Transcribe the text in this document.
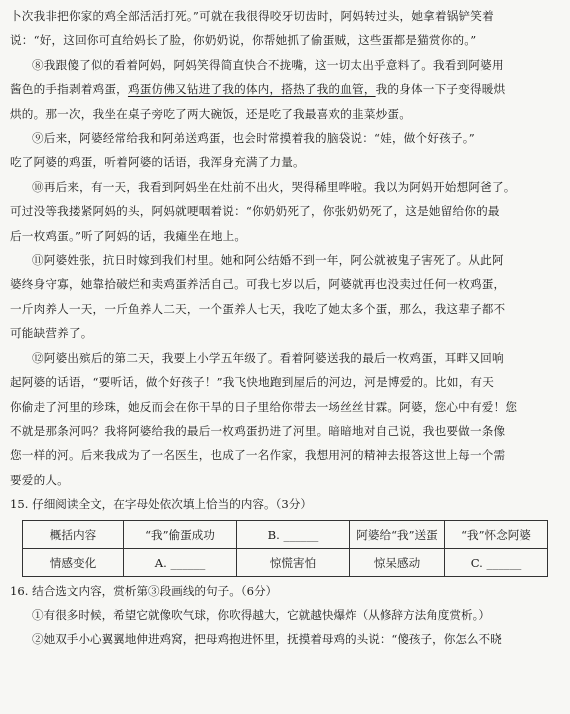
卜次我非把你家的鸡全部活活打死。”可就在我很得咬牙切齿时，阿妈转过头，她拿着锅铲笑着
说：“好，这回你可直给妈长了脸，你奶奶说，你帮她抓了偷蛋贼，这些蛋都是猫赏你的。”
⑧我跟傻了似的看着阿妈，阿妈笑得简直快合不拢嘴，这一切太出乎意料了。我看到阿婆用
酱色的手指剥着鸡蛋，鸡蛋仿佛又钻进了我的体内，搭热了我的血管，我的身体一下子变得暖烘
烘的。那一次，我坐在桌子旁吃了两大碗饭，还是吃了我最喜欢的韭菜炒蛋。
⑨后来，阿婆经常给我和阿弟送鸡蛋，也会时常摸着我的脑袋说：“娃，做个好孩子。”
吃了阿婆的鸡蛋，听着阿婆的话语，我浑身充满了力量。
⑩再后来，有一天，我看到阿妈坐在灶前不出火，哭得稀里哗啦。我以为阿妈开始想阿爸了。
可过没等我搂紧阿妈的头，阿妈就哽咽着说：“你奶奶死了，你张奶奶死了，这是她留给你的最
后一枚鸡蛋。”听了阿妈的话，我瘫坐在地上。
⑪阿婆姓张，抗日时嫁到我们村里。她和阿公结婚不到一年，阿公就被鬼子害死了。从此阿
婆终身守寡，她靠拾破烂和卖鸡蛋养活自己。可我七岁以后，阿婆就再也没卖过任何一枚鸡蛋，
一斤肉养人一天，一斤鱼养人二天，一个蛋养人七天，我吃了她太多个蛋，那么，我这辈子都不
可能缺营养了。
⑫阿婆出殡后的第二天，我要上小学五年级了。看着阿婆送我的最后一枚鸡蛋，耳畔又回响
起阿婆的话语，“要听话，做个好孩子！”我飞快地跑到屋后的河边，河是博爱的。比如，有天
你偷走了河里的珍珠，她反而会在你干旱的日子里给你带去一场丝丝甘霖。阿婆，您心中有爱！您
不就是那条河吗？我将阿婆给我的最后一枚鸡蛋扔进了河里。暗暗地对自己说，我也要做一条像
您一样的河。后来我成为了一名医生，也成了一名作家，我想用河的精神去报答这世上每一个需
要爱的人。
15. 仔细阅读全文，在字母处依次填上恰当的内容。（3分）
概括内容	“我”偷蛋成功	B. ______	阿婆给“我”送蛋	“我”怀念阿婆
情感变化	A. ______	惊慌害怕	惊呆感动	C. ______
16. 结合选文内容，赏析第③段画线的句子。（6分）
①有很多时候，希望它就像吹气球，你吹得越大，它就越快爆炸（从修辞方法角度赏析。）
②她双手小心翼翼地伸进鸡窝，把母鸡抱进怀里，抚摸着母鸡的头说：“傻孩子，你怎么不晓
